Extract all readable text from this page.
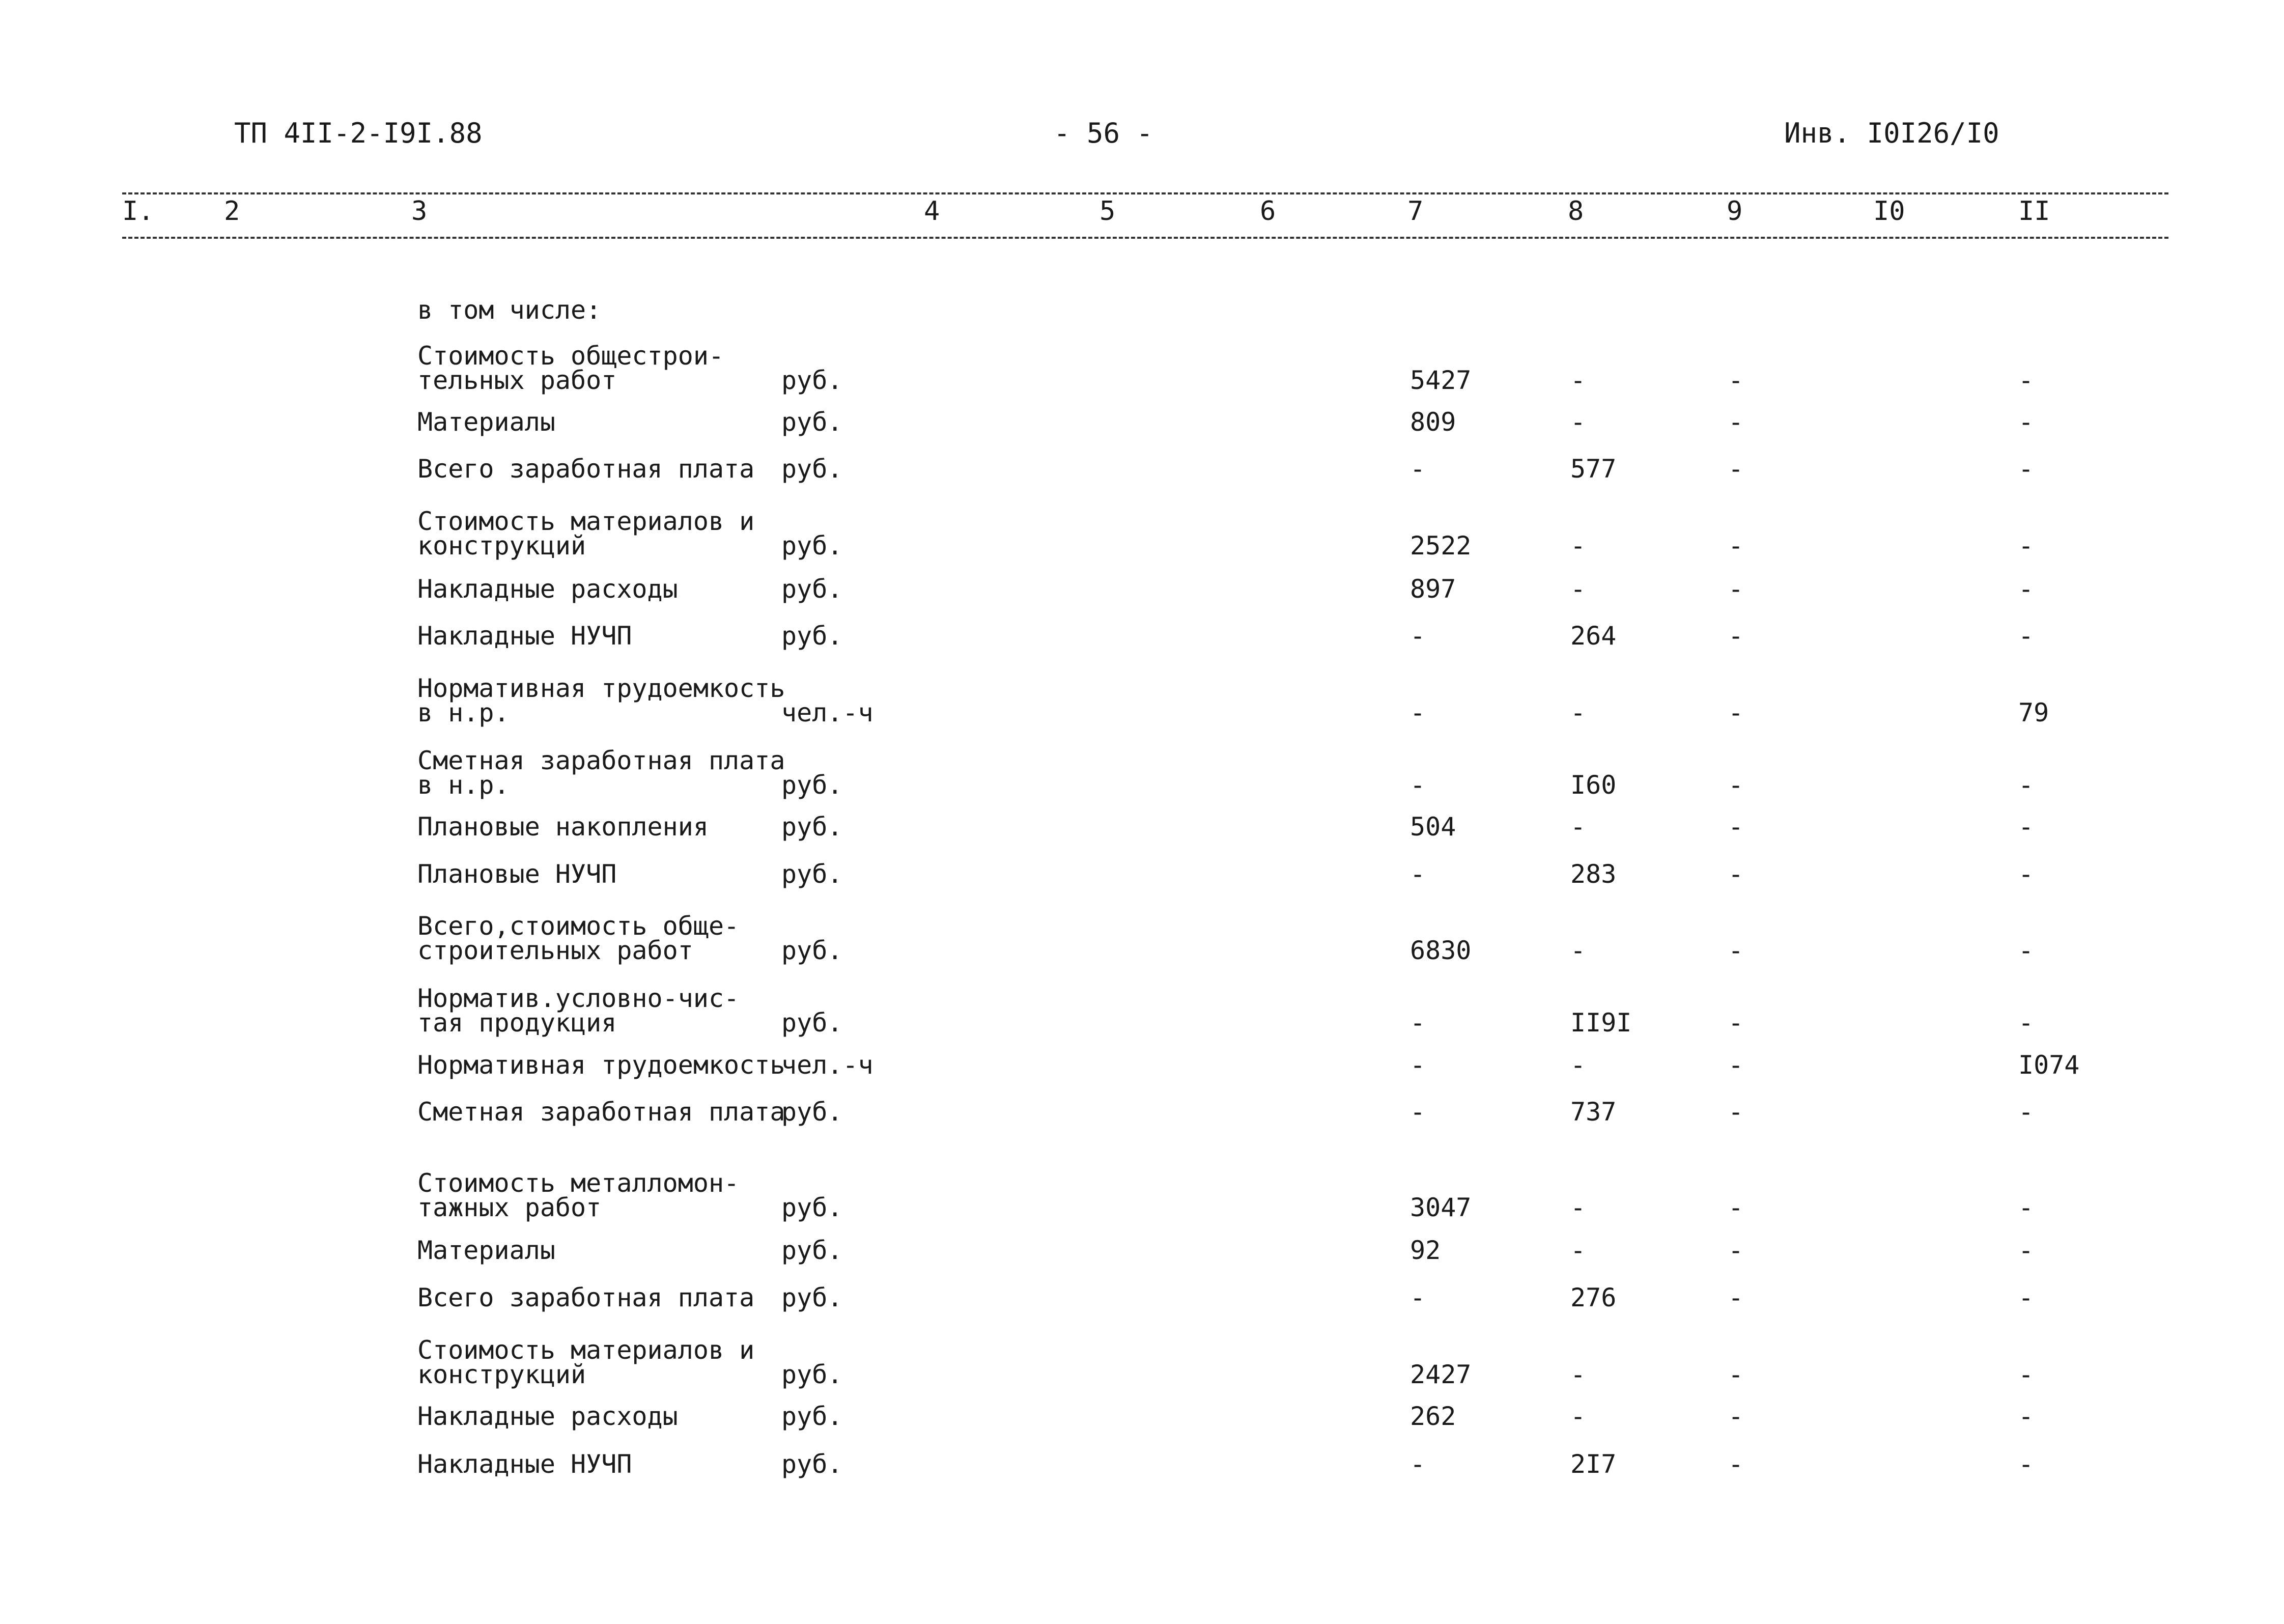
ТП 4II-2-I9I.88	- 56 -	Инв. I0I26/I0
I.	2	3	4	5	6	7	8	9	I0	II
в том числе:
Стоимость общестрои-
тельных работ	руб.	5427	-	-	-
Материалы	руб.	809	-	-	-
Всего заработная плата руб.	-	577	-	-
Стоимость материалов и
конструкций	руб.	2522	-	-	-
Накладные расходы	руб.	897	-	-	-
Накладные НУЧП	руб.	-	264	-	-
Нормативная трудоемкость
в н.р.	чел.-ч	-	-	-	79
Сметная заработная плата
в н.р.	руб.	-	I60	-	-
Плановые накопления	руб.	504	-	-	-
Плановые НУЧП	руб.	-	283	-	-
Всего,стоимость обще-
строительных работ	руб.	6830	-	-	-
Норматив.условно-чис-
тая продукция	руб.	-	II9I	-	-
Нормативная трудоемкость
чел.-ч	-	-	-	I074
Сметная заработная плата
руб.	-	737	-	-
Стоимость металломон-
тажных работ	руб.	3047	-	-	-
Материалы	руб.	92	-	-	-
Всего заработная плата руб.	-	276	-	-
Стоимость материалов и
конструкций	руб.	2427	-	-	-
Накладные расходы	руб.	262	-	-	-
Накладные НУЧП	руб.	-	2I7	-	-
